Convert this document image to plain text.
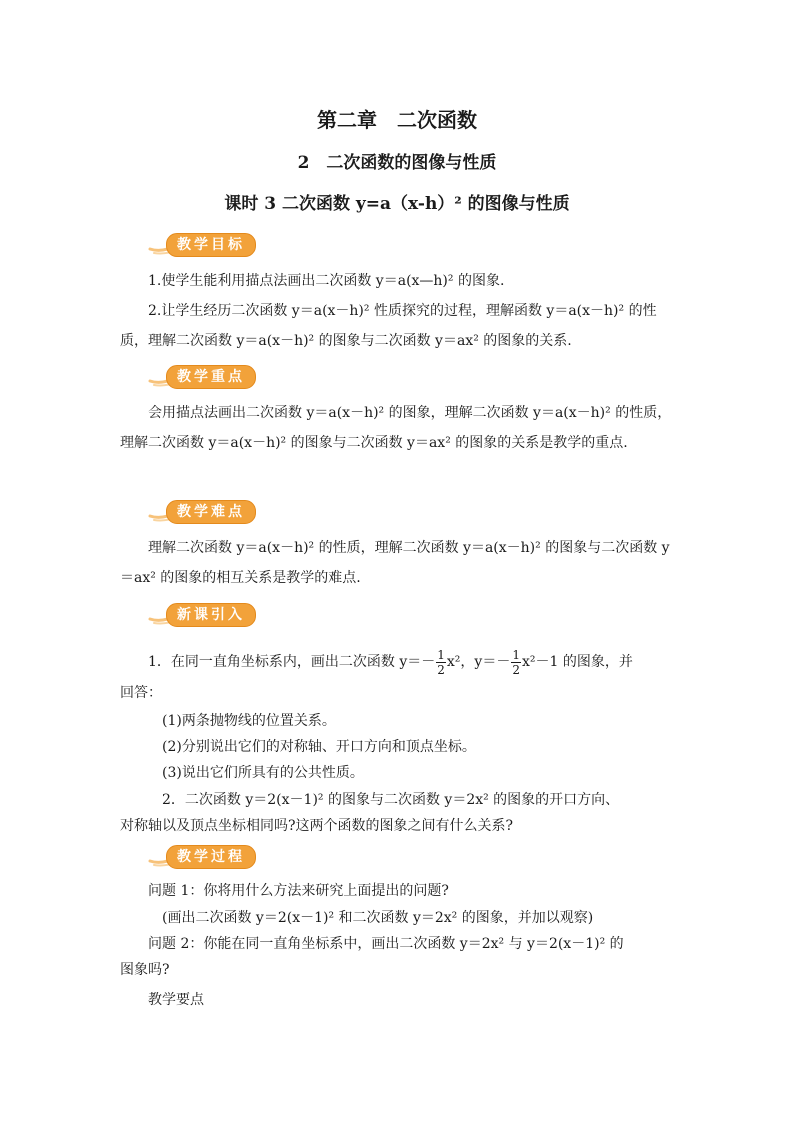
第二章　二次函数
2　二次函数的图像与性质
课时 3 二次函数 y=a（x-h）² 的图像与性质
教学目标
1.使学生能利用描点法画出二次函数 y＝a(x—h)² 的图象.
2.让学生经历二次函数 y＝a(x－h)² 性质探究的过程，理解函数 y＝a(x－h)² 的性质，理解二次函数 y＝a(x－h)² 的图象与二次函数 y＝ax² 的图象的关系.
教学重点
会用描点法画出二次函数 y＝a(x－h)² 的图象，理解二次函数 y＝a(x－h)² 的性质，理解二次函数 y＝a(x－h)² 的图象与二次函数 y＝ax² 的图象的关系是教学的重点.
教学难点
理解二次函数 y＝a(x－h)² 的性质，理解二次函数 y＝a(x－h)² 的图象与二次函数 y＝ax² 的图象的相互关系是教学的难点.
新课引入
1．在同一直角坐标系内，画出二次函数 $y=- \frac{1}{2} x^2$，$y=- \frac{1}{2} x^2-1$ 的图象，并
回答：
(1)两条抛物线的位置关系。
(2)分别说出它们的对称轴、开口方向和顶点坐标。
(3)说出它们所具有的公共性质。
2．二次函数 y＝2(x－1)² 的图象与二次函数 y＝2x² 的图象的开口方向、
对称轴以及顶点坐标相同吗?这两个函数的图象之间有什么关系?
教学过程
问题 1：你将用什么方法来研究上面提出的问题?
(画出二次函数 y＝2(x－1)² 和二次函数 y＝2x² 的图象，并加以观察)
问题 2：你能在同一直角坐标系中，画出二次函数 y＝2x² 与 y＝2(x－1)² 的
图象吗?
教学要点
